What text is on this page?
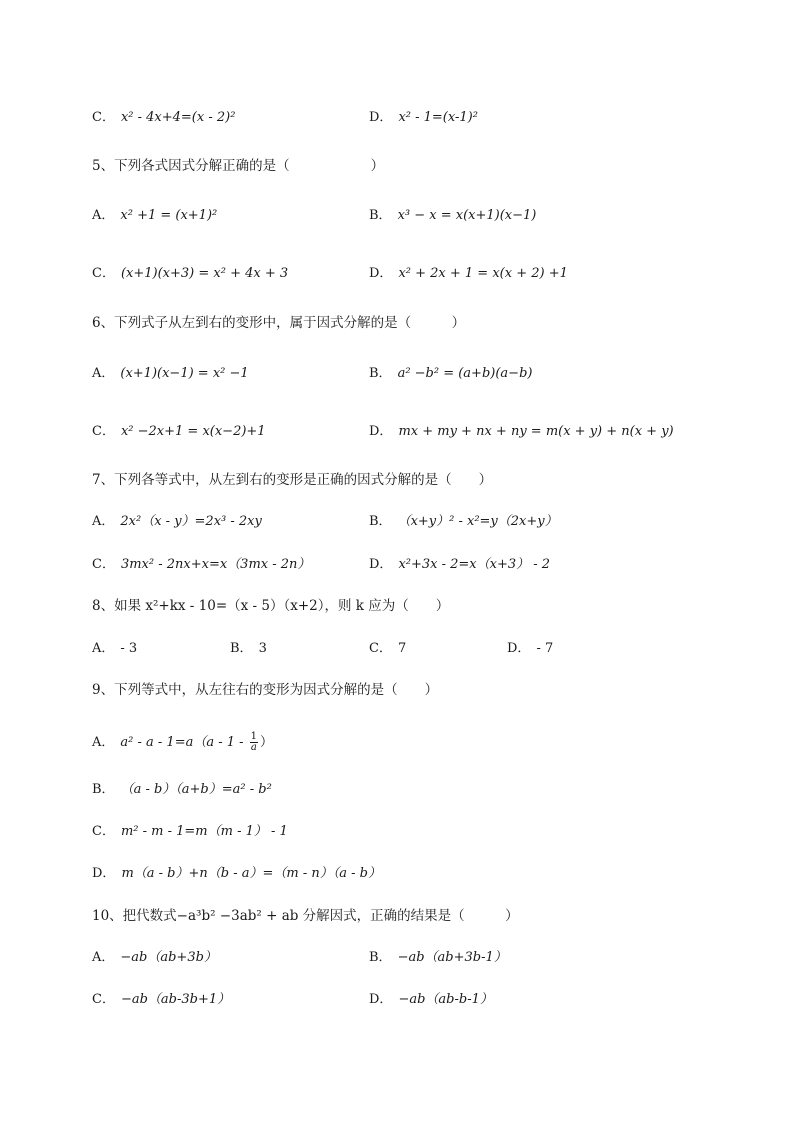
C． x² - 4x+4=(x - 2)²	D． x² - 1=(x-1)²
5、下列各式因式分解正确的是（　　　　　　）
A． x² +1 = (x+1)²	B． x³ − x = x(x+1)(x−1)
C． (x+1)(x+3) = x² + 4x + 3	D． x² + 2x + 1 = x(x + 2) +1
6、下列式子从左到右的变形中，属于因式分解的是（　　　）
A． (x+1)(x−1) = x² −1	B． a² −b² = (a+b)(a−b)
C． x² −2x+1 = x(x−2)+1	D． mx + my + nx + ny = m(x + y) + n(x + y)
7、下列各等式中，从左到右的变形是正确的因式分解的是（　　）
A． 2x²（x - y）=2x³ - 2xy	B． （x+y）² - x²=y（2x+y）
C． 3mx² - 2nx+x=x（3mx - 2n）	D． x²+3x - 2=x（x+3） - 2
8、如果 x²+kx - 10=（x - 5）（x+2），则 k 应为（　　）
A． - 3	B． 3	C． 7	D． - 7
9、下列等式中，从左往右的变形为因式分解的是（　　）
A． $a^2 - a - 1=a(a - 1 - \frac{1}{a}$ ）
B． （a - b）（a+b）=a² - b²
C． m² - m - 1=m（m - 1） - 1
D． m（a - b）+n（b - a）=（m - n）（a - b）
10、把代数式−a³b² −3ab² + ab 分解因式，正确的结果是（　　　）
A． −ab（ab+3b）	B． −ab（ab+3b-1）
C． −ab（ab-3b+1）	D． −ab（ab-b-1）
